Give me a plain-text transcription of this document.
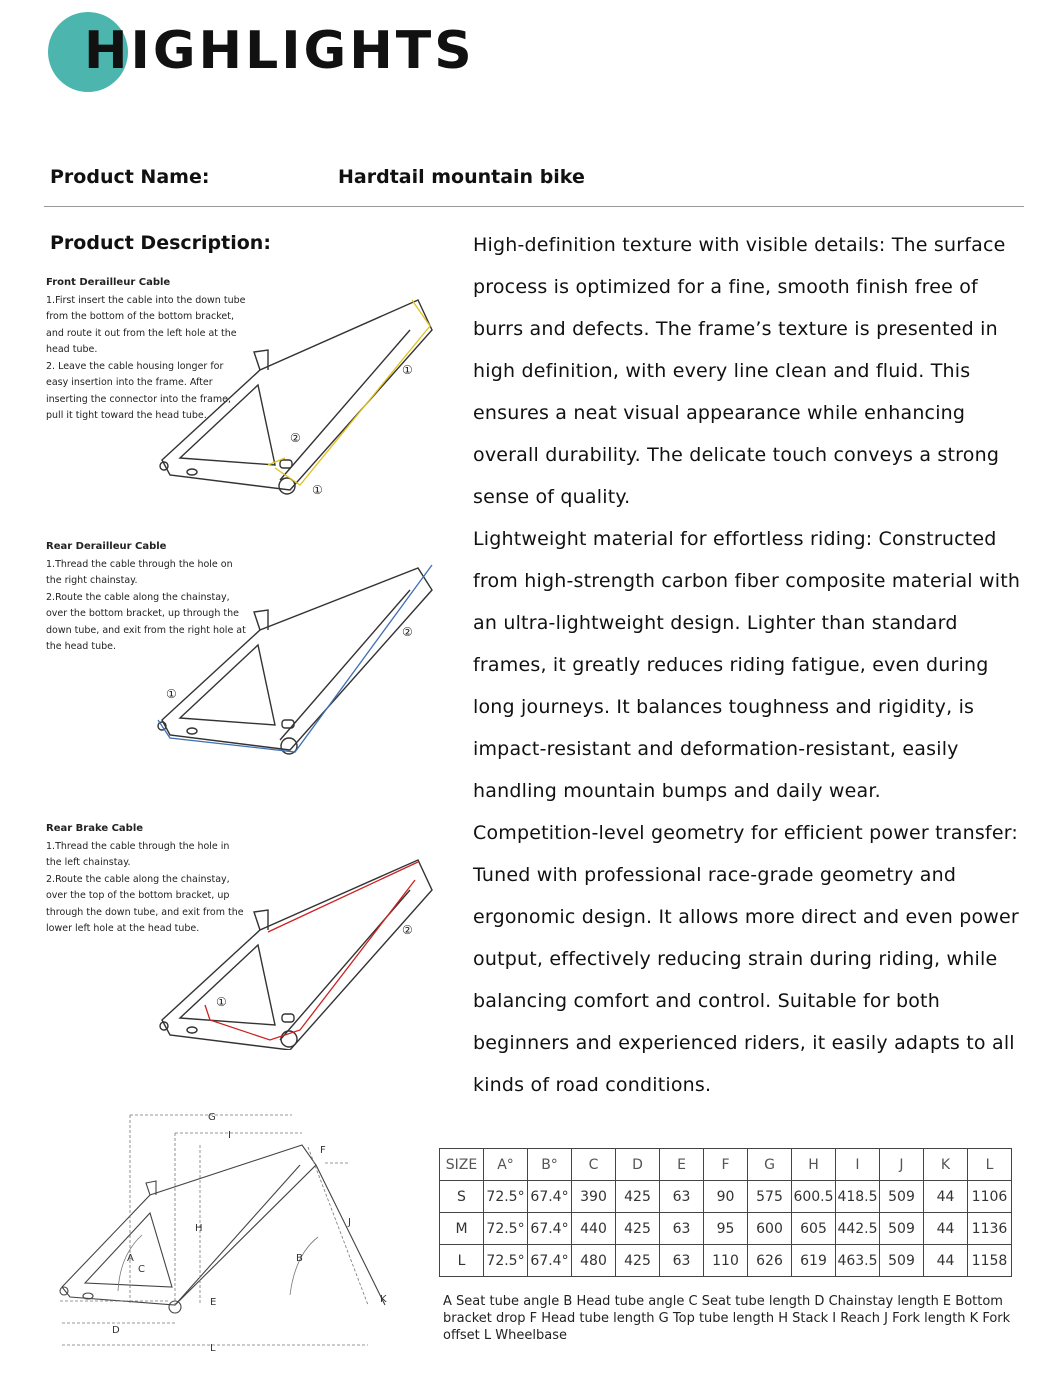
HIGHLIGHTS
Product Name:	Hardtail mountain bike
Product Description:	High-definition texture with visible details: The surface process is optimized for a fine, smooth finish free of burrs and defects. The frame’s texture is presented in high definition, with every line clean and fluid. This ensures a neat visual appearance while enhancing overall durability. The delicate touch conveys a strong sense of quality.

Lightweight material for effortless riding: Constructed from high-strength carbon fiber composite material with an ultra-lightweight design. Lighter than standard frames, it greatly reduces riding fatigue, even during long journeys. It balances toughness and rigidity, is impact-resistant and deformation-resistant, easily handling mountain bumps and daily wear.

Competition-level geometry for efficient power transfer: Tuned with professional race-grade geometry and ergonomic design. It allows more direct and even power output, effectively reducing strain during riding, while balancing comfort and control. Suitable for both beginners and experienced riders, it easily adapts to all kinds of road conditions.

Front Derailleur Cable
1.First insert the cable into the down tube from the bottom of the bottom bracket, and route it out from the left hole at the head tube.
2. Leave the cable housing longer for easy insertion into the frame. After inserting the connector into the frame, pull it tight toward the head tube.
Rear Derailleur Cable
1.Thread the cable through the hole on the right chainstay.
2.Route the cable along the chainstay, over the bottom bracket, up through the down tube, and exit from the right hole at the head tube.
Rear Brake Cable
1.Thread the cable through the hole in the left chainstay.
2.Route the cable along the chainstay, over the top of the bottom bracket, up through the down tube, and exit from the lower left hole at the head tube.
①
②
①
②
①
②
①
G
I
H
F
J
B
A
C
E
D
L
K
SIZE	A°	B°	C	D	E	F	G	H	I	J	K	L
S	72.5°	67.4°	390	425	63	90	575	600.5	418.5	509	44	1106
M	72.5°	67.4°	440	425	63	95	600	605	442.5	509	44	1136
L	72.5°	67.4°	480	425	63	110	626	619	463.5	509	44	1158
A Seat tube angle B Head tube angle C Seat tube length D Chainstay length E Bottom bracket drop F Head tube length G Top tube length H Stack I Reach J Fork length K Fork offset L Wheelbase
